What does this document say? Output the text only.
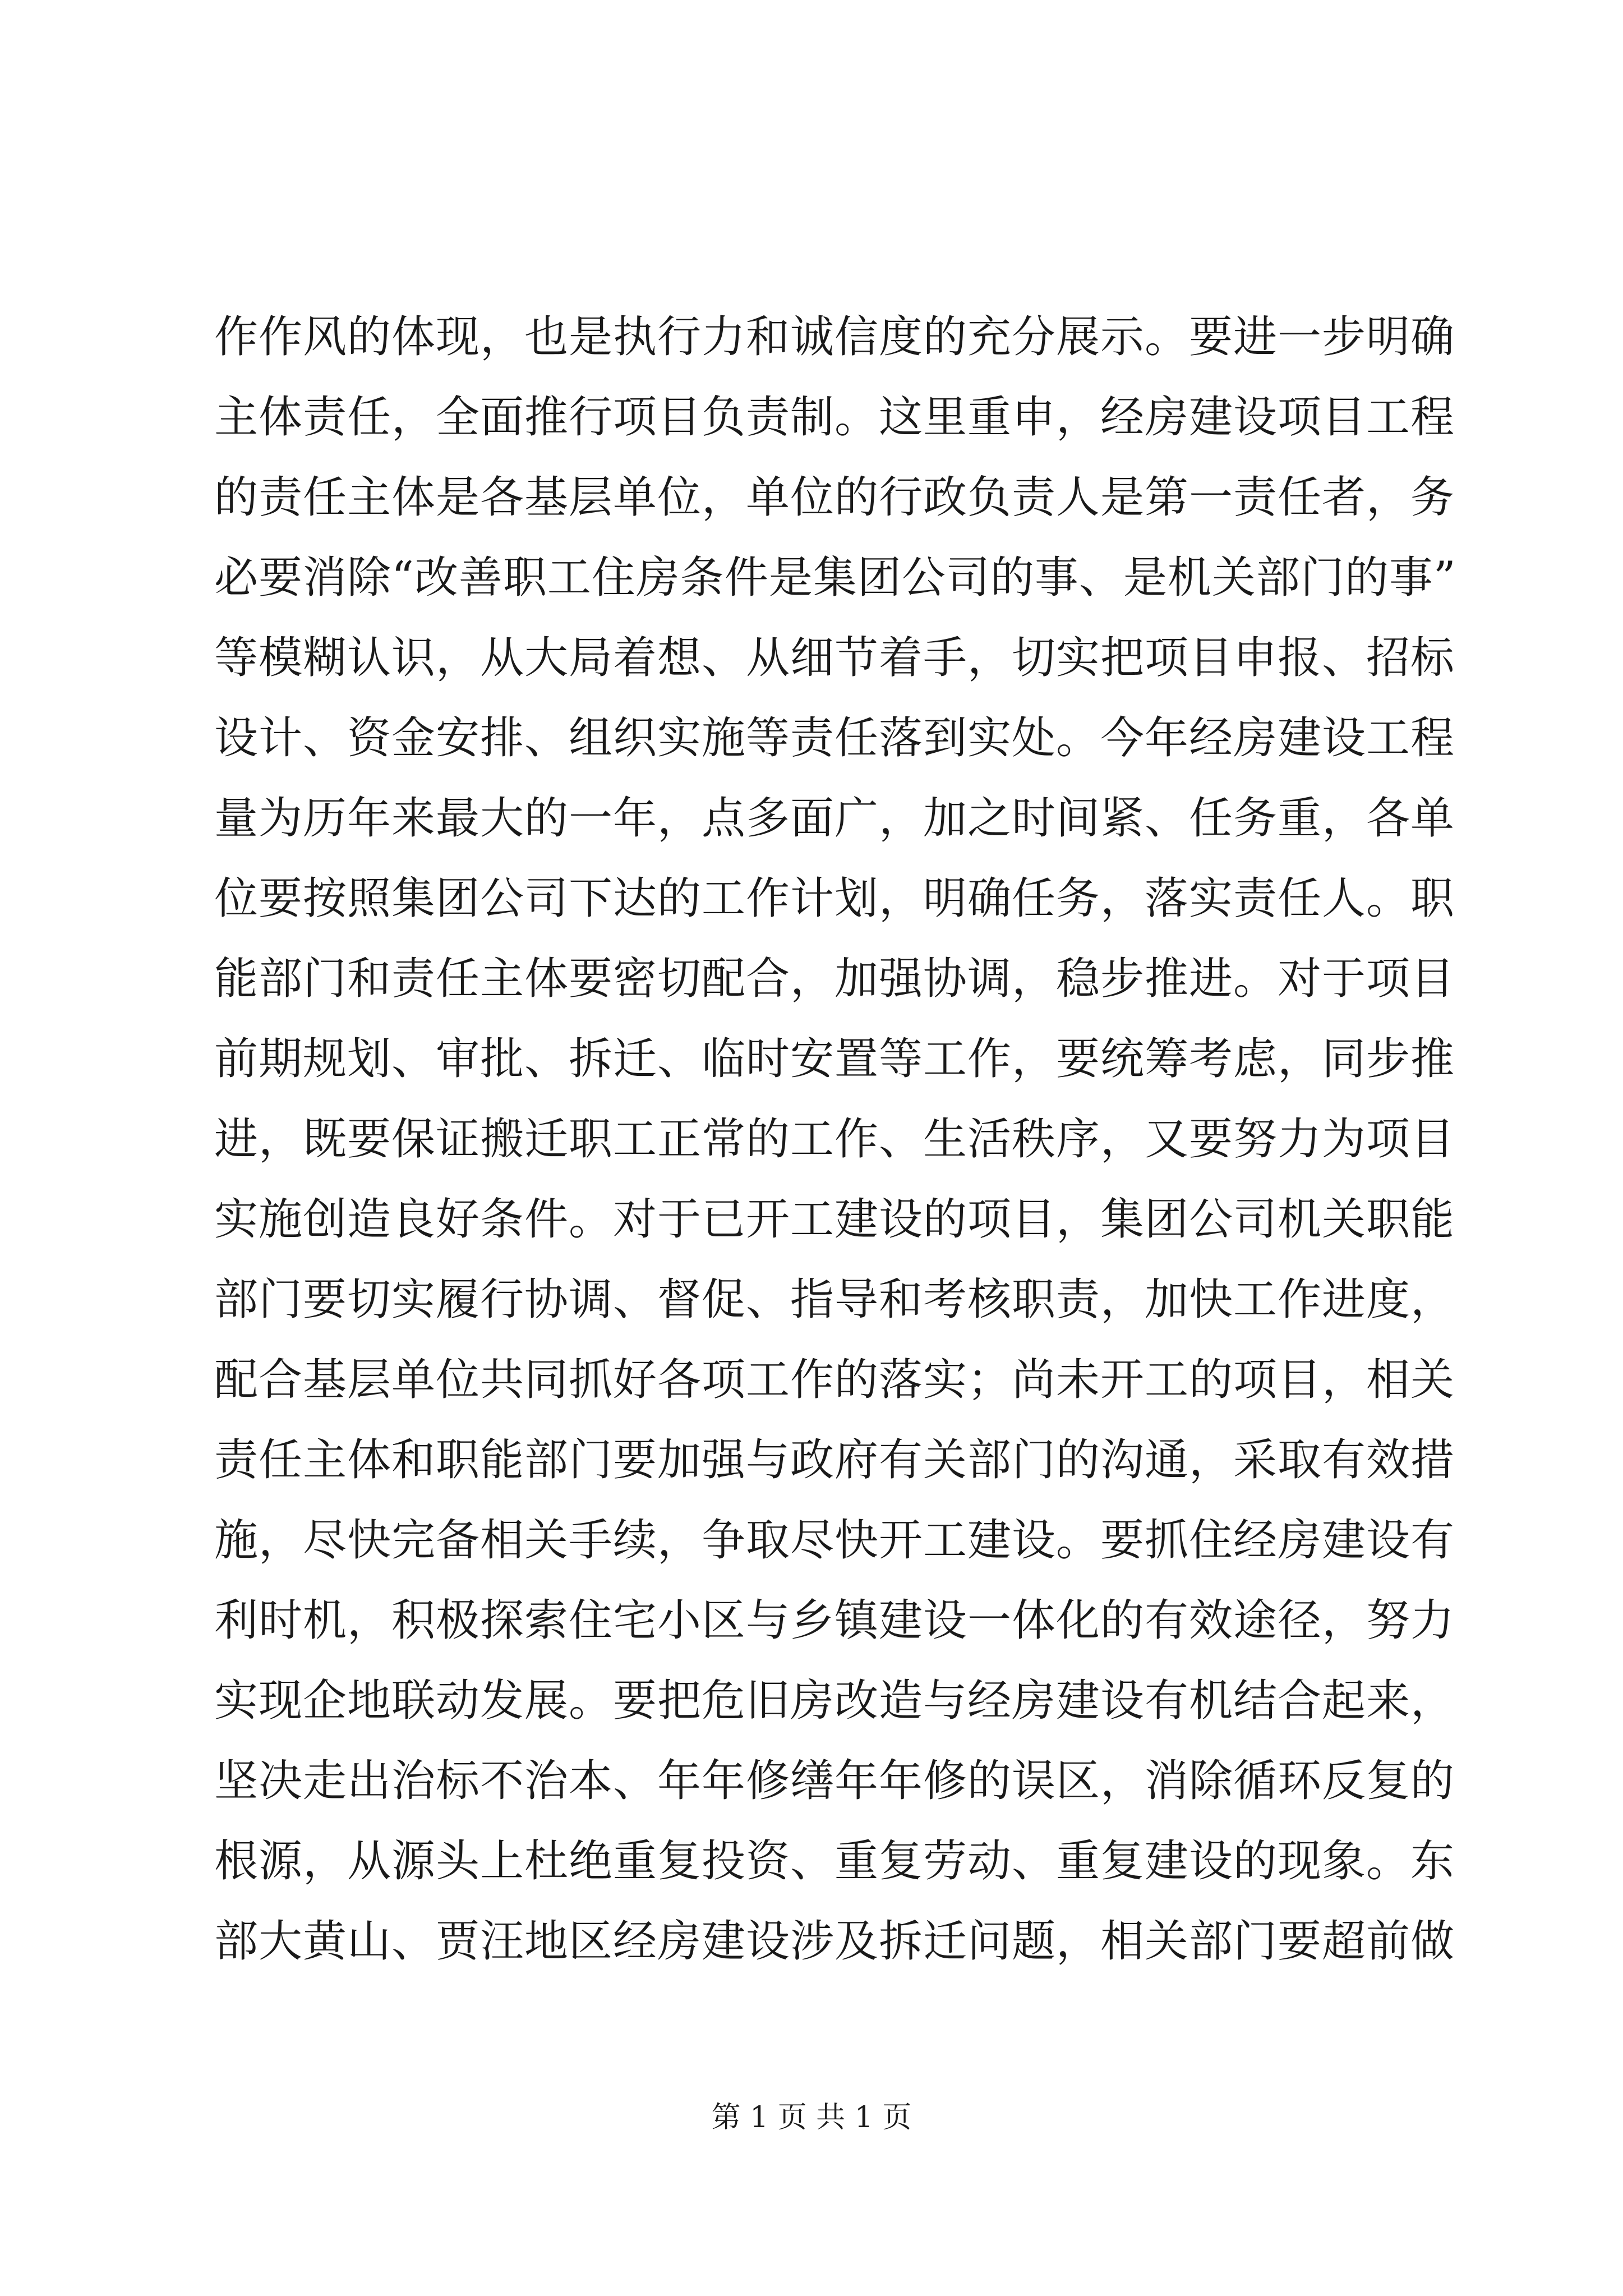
作作风的体现，也是执行力和诚信度的充分展示。要进一步明确
主体责任，全面推行项目负责制。这里重申，经房建设项目工程
的责任主体是各基层单位，单位的行政负责人是第一责任者，务
必要消除“改善职工住房条件是集团公司的事、是机关部门的事”
等模糊认识，从大局着想、从细节着手，切实把项目申报、招标
设计、资金安排、组织实施等责任落到实处。今年经房建设工程
量为历年来最大的一年，点多面广，加之时间紧、任务重，各单
位要按照集团公司下达的工作计划，明确任务，落实责任人。职
能部门和责任主体要密切配合，加强协调，稳步推进。对于项目
前期规划、审批、拆迁、临时安置等工作，要统筹考虑，同步推
进，既要保证搬迁职工正常的工作、生活秩序，又要努力为项目
实施创造良好条件。对于已开工建设的项目，集团公司机关职能
部门要切实履行协调、督促、指导和考核职责，加快工作进度，
配合基层单位共同抓好各项工作的落实；尚未开工的项目，相关
责任主体和职能部门要加强与政府有关部门的沟通，采取有效措
施，尽快完备相关手续，争取尽快开工建设。要抓住经房建设有
利时机，积极探索住宅小区与乡镇建设一体化的有效途径，努力
实现企地联动发展。要把危旧房改造与经房建设有机结合起来，
坚决走出治标不治本、年年修缮年年修的误区，消除循环反复的
根源，从源头上杜绝重复投资、重复劳动、重复建设的现象。东
部大黄山、贾汪地区经房建设涉及拆迁问题，相关部门要超前做
第 1 页 共 1 页
